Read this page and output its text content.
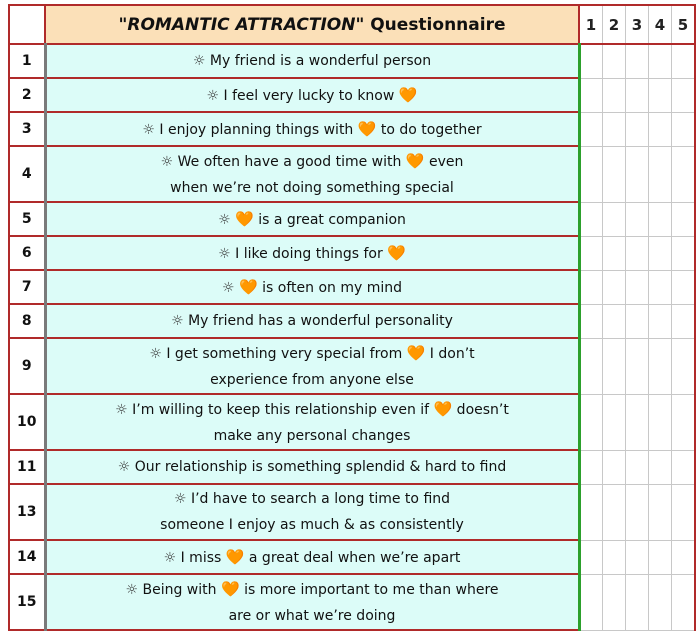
	"ROMANTIC ATTRACTION" Questionnaire	1	2	3	4	5
1	☼ My friend is a wonderful person					

2	☼ I feel very lucky to know 🧡					

3	☼ I enjoy planning things with 🧡 to do together					

4	☼ We often have a good time with 🧡 even
when we’re not doing something special					

5	☼ 🧡 is a great companion					

6	☼ I like doing things for 🧡					

7	☼ 🧡 is often on my mind					

8	☼ My friend has a wonderful personality					

9	☼ I get something very special from 🧡 I don’t
experience from anyone else					

10	☼ I’m willing to keep this relationship even if 🧡 doesn’t
make any personal changes					

11	☼ Our relationship is something splendid & hard to find					

13	☼ I’d have to search a long time to find
someone I enjoy as much & as consistently					

14	☼ I miss 🧡 a great deal when we’re apart					

15	☼ Being with 🧡 is more important to me than where
are or what we’re doing					
